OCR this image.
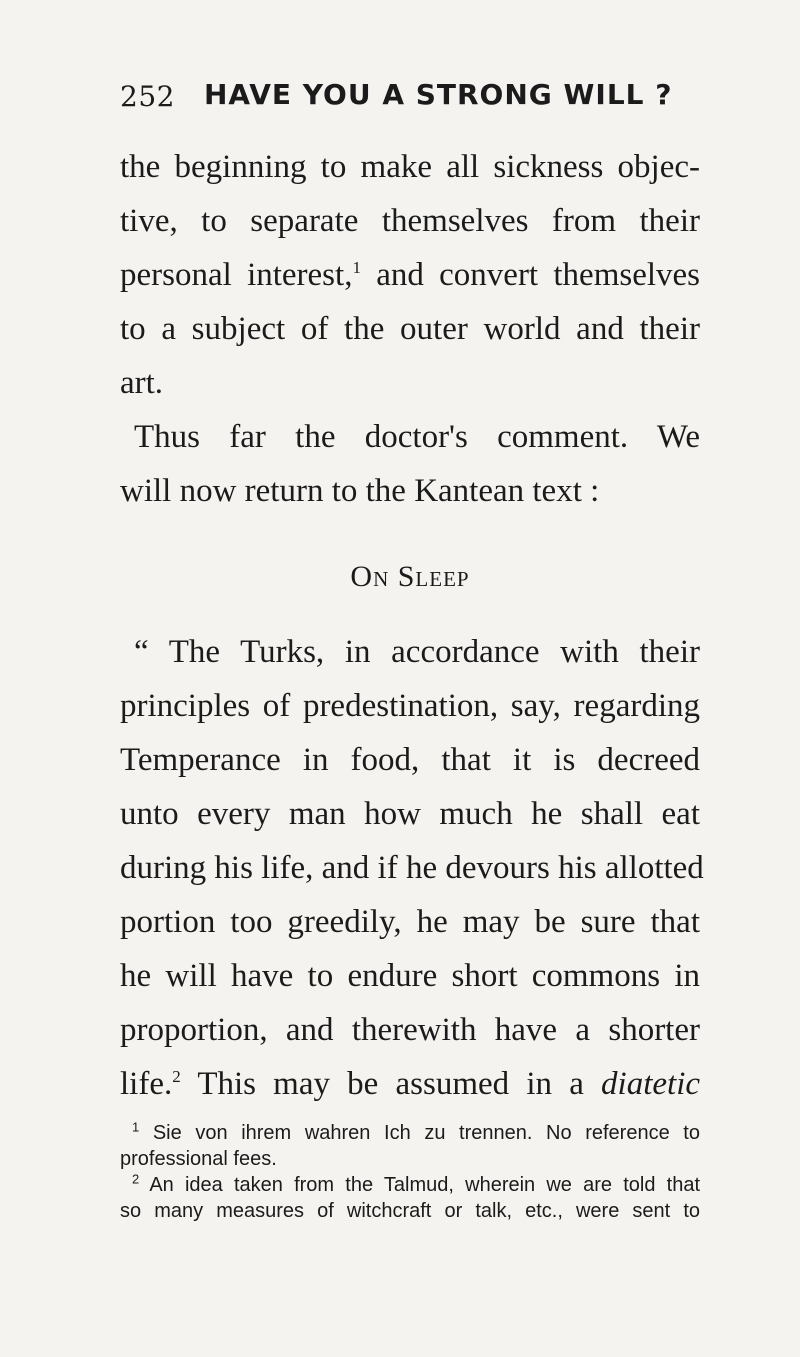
252 HAVE YOU A STRONG WILL ?
the beginning to make all sickness objec-
tive, to separate themselves from their
personal interest,$^1$ and convert themselves
to a subject of the outer world and their
art.
Thus far the doctor's comment. We
will now return to the Kantean text :
On Sleep
“ The Turks, in accordance with their
principles of predestination, say, regarding
Temperance in food, that it is decreed
unto every man how much he shall eat
during his life, and if he devours his allotted
portion too greedily, he may be sure that
he will have to endure short commons in
proportion, and therewith have a shorter
life.$^2$ This may be assumed in a diatetic
$^1$ Sie von ihrem wahren Ich zu trennen. No reference to
professional fees.
$^2$ An idea taken from the Talmud, wherein we are told that
so many measures of witchcraft or talk, etc., were sent to
